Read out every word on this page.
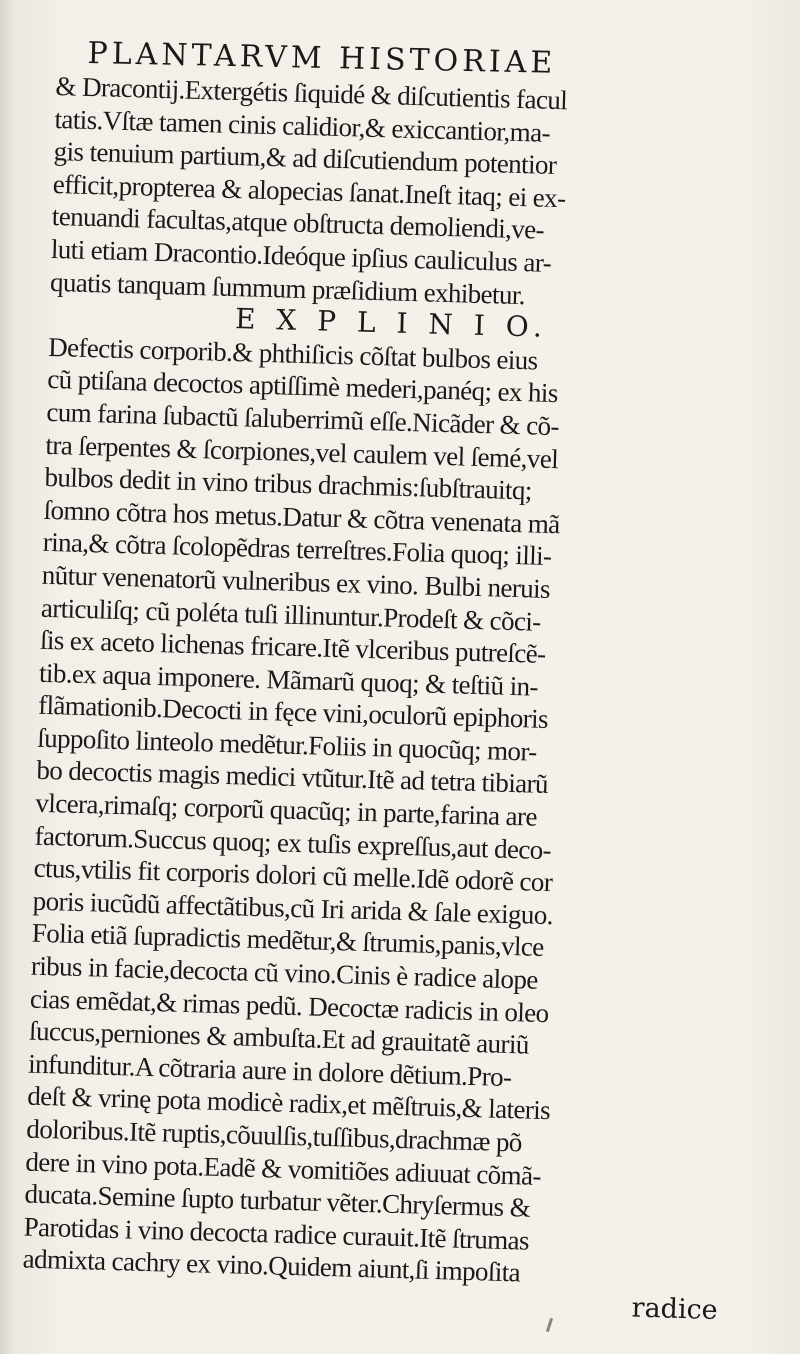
PLANTARVM HISTORIAE
& Dracontij.Extergétis ſiquidé & diſcutientis facul
tatis.Vſtæ tamen cinis calidior,& exiccantior,ma-
gis tenuium partium,& ad diſcutiendum potentior
efficit,propterea & alopecias ſanat.Ineſt itaq; ei ex-
tenuandi facultas,atque obſtructa demoliendi,ve-
luti etiam Dracontio.Ideóque ipſius cauliculus ar-
quatis tanquam ſummum præſidium exhibetur.
E X P L I N I O.
Defectis corporib.& phthiſicis cõſtat bulbos eius
cũ ptiſana decoctos aptiſſimè mederi,panéq; ex his
cum farina ſubactũ ſaluberrimũ eſſe.Nicãder & cõ-
tra ſerpentes & ſcorpiones,vel caulem vel ſemé,vel
bulbos dedit in vino tribus drachmis:ſubſtrauitq;
ſomno cõtra hos metus.Datur & cõtra venenata mã
rina,& cõtra ſcolopẽdras terreſtres.Folia quoq; illi-
nũtur venenatorũ vulneribus ex vino. Bulbi neruis
articuliſq; cũ poléta tuſi illinuntur.Prodeſt & cõci-
ſis ex aceto lichenas fricare.Itẽ vlceribus putreſcẽ-
tib.ex aqua imponere. Mãmarũ quoq; & teſtiũ in-
flãmationib.Decocti in fęce vini,oculorũ epiphoris
ſuppoſito linteolo medẽtur.Foliis in quocũq; mor-
bo decoctis magis medici vtũtur.Itẽ ad tetra tibiarũ
vlcera,rimaſq; corporũ quacũq; in parte,farina are
factorum.Succus quoq; ex tuſis expreſſus,aut deco-
ctus,vtilis fit corporis dolori cũ melle.Idẽ odorẽ cor
poris iucũdũ affectãtibus,cũ Iri arida & ſale exiguo.
Folia etiã ſupradictis medẽtur,& ſtrumis,panis,vlce
ribus in facie,decocta cũ vino.Cinis è radice alope
cias emẽdat,& rimas pedũ. Decoctæ radicis in oleo
ſuccus,perniones & ambuſta.Et ad grauitatẽ auriũ
infunditur.A cõtraria aure in dolore dẽtium.Pro-
deſt & vrinę pota modicè radix,et mẽſtruis,& lateris
doloribus.Itẽ ruptis,cõuulſis,tuſſibus,drachmæ põ
dere in vino pota.Eadẽ & vomitiões adiuuat cõmã-
ducata.Semine ſupto turbatur vẽter.Chryſermus &
Parotidas i vino decocta radice curauit.Itẽ ſtrumas
admixta cachry ex vino.Quidem aiunt,ſi impoſita
radice
